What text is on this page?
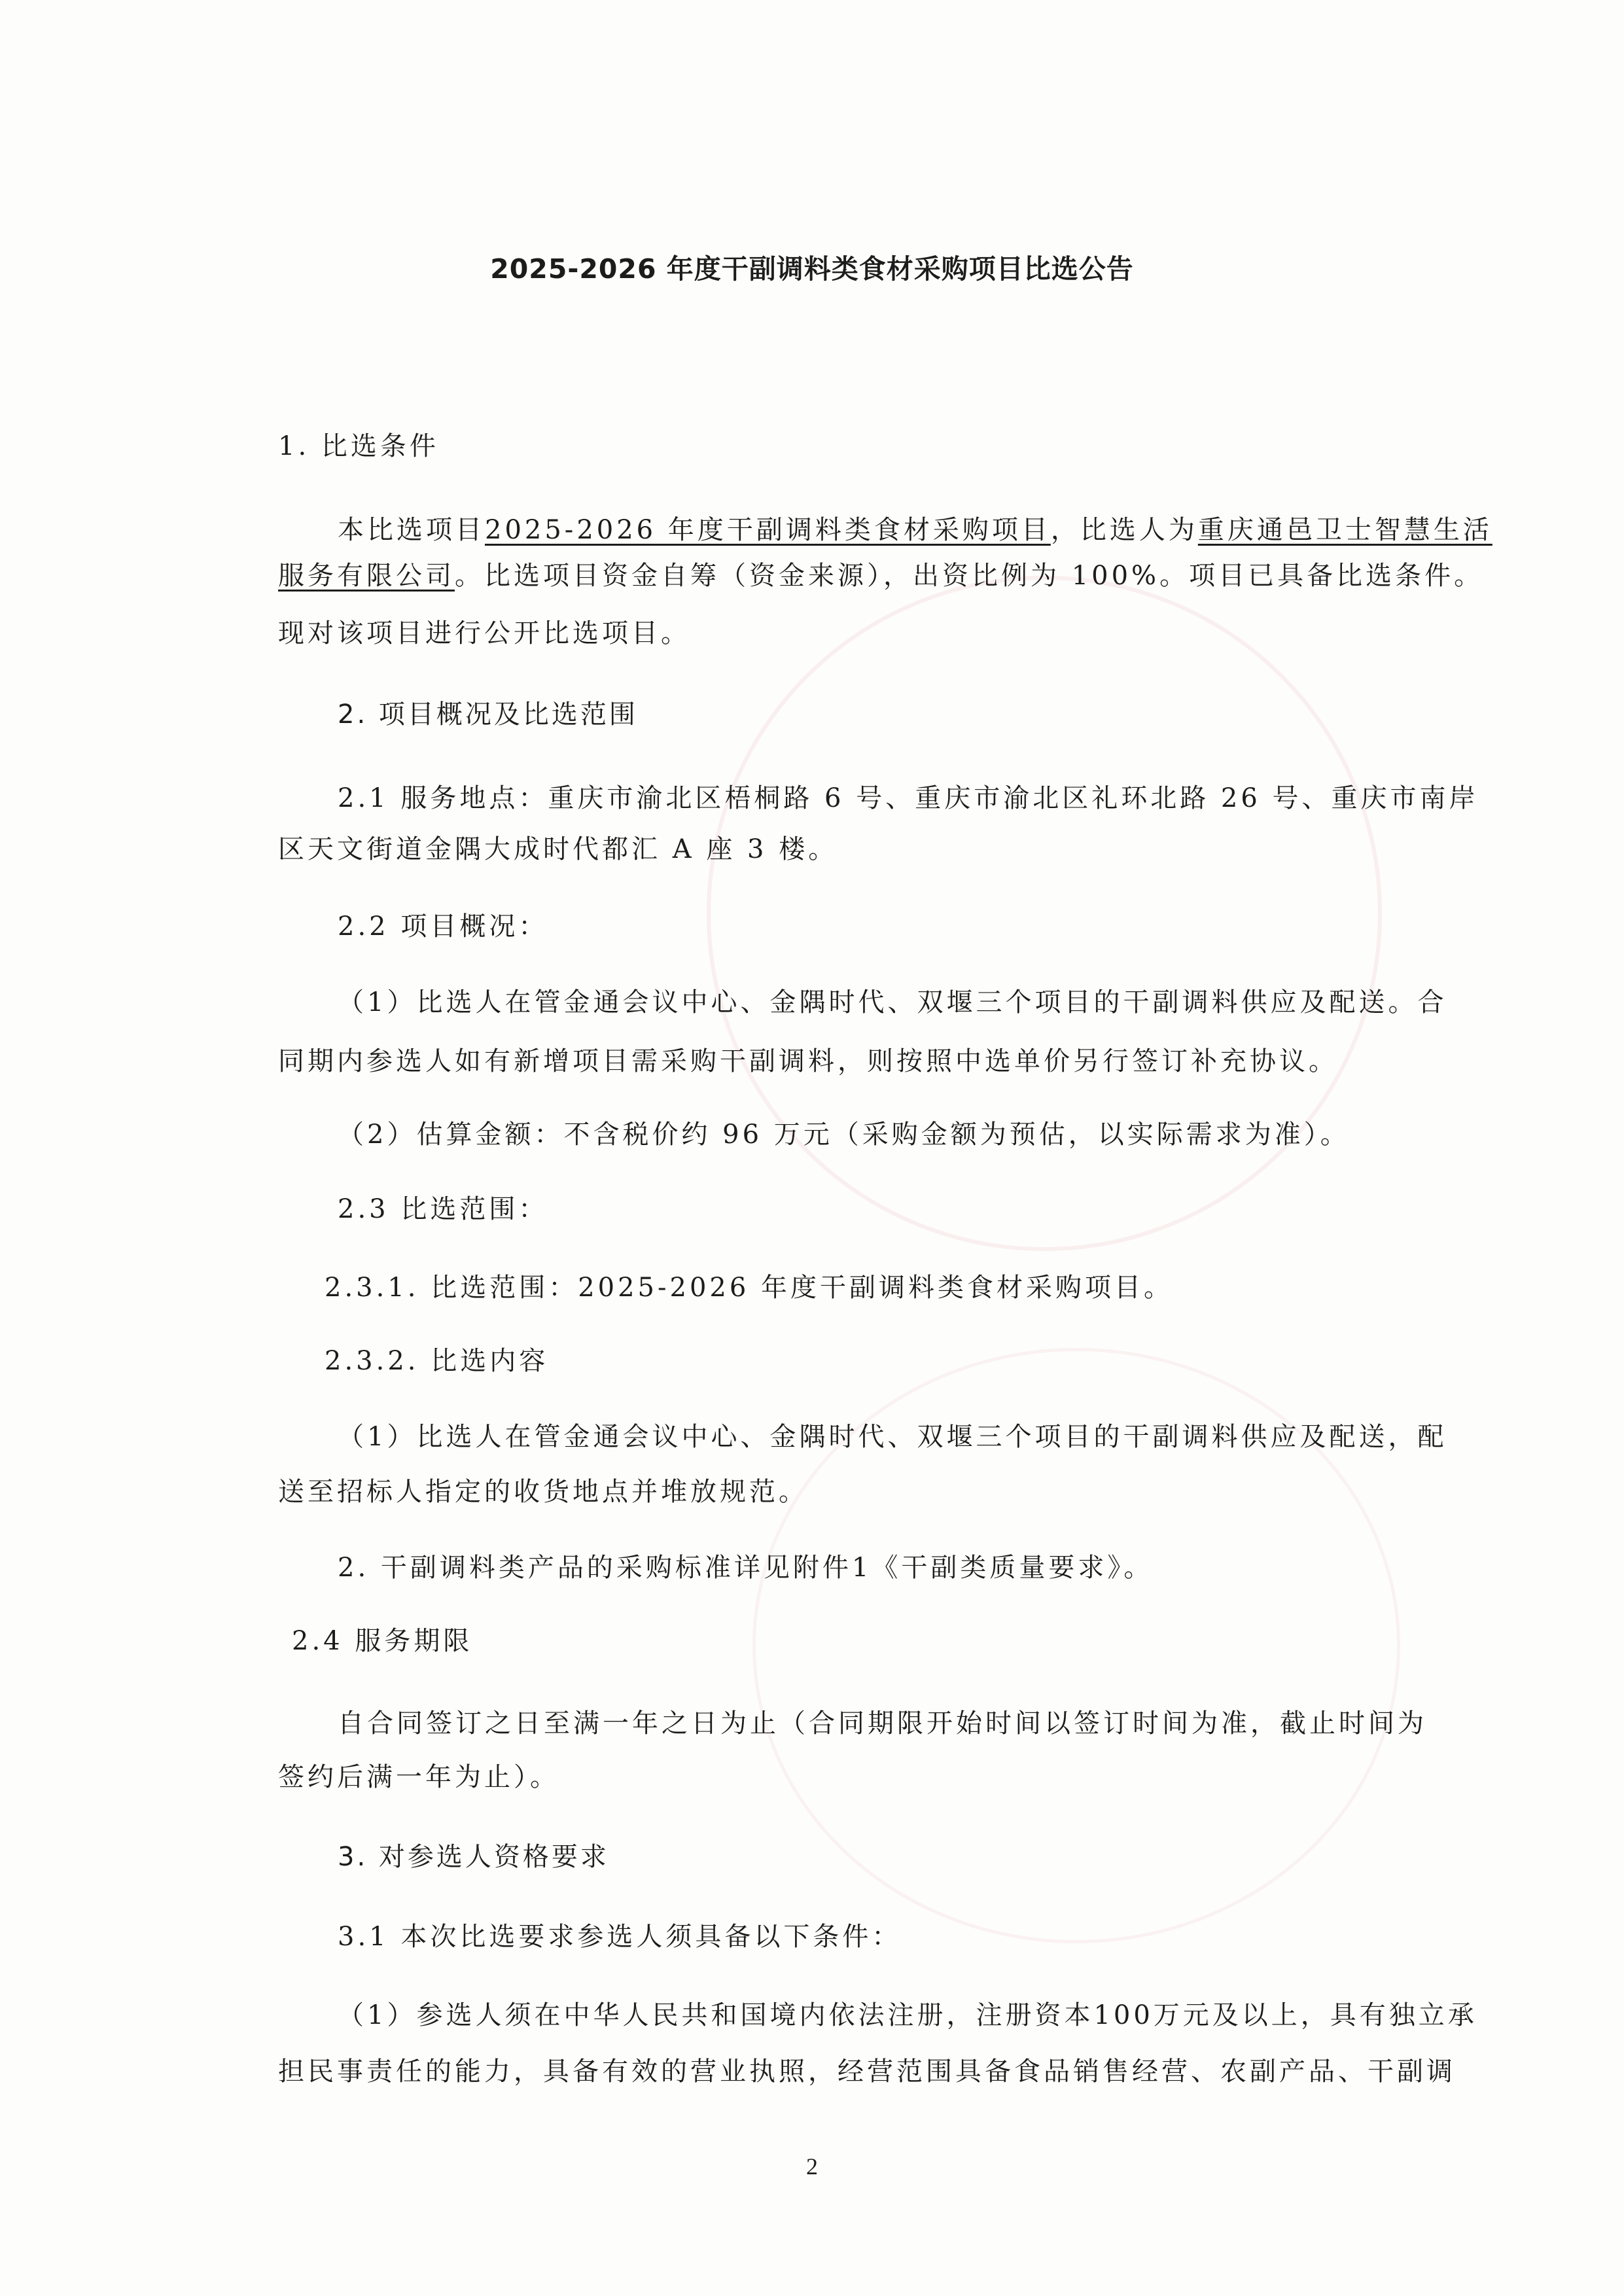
2025-2026 年度干副调料类食材采购项目比选公告
1. 比选条件
本比选项目2025-2026 年度干副调料类食材采购项目，比选人为重庆通邑卫士智慧生活
服务有限公司。比选项目资金自筹（资金来源），出资比例为 100%。项目已具备比选条件。
现对该项目进行公开比选项目。
2. 项目概况及比选范围
2.1 服务地点：重庆市渝北区梧桐路 6 号、重庆市渝北区礼环北路 26 号、重庆市南岸
区天文街道金隅大成时代都汇 A 座 3 楼。
2.2 项目概况：
（1）比选人在管金通会议中心、金隅时代、双堰三个项目的干副调料供应及配送。合
同期内参选人如有新增项目需采购干副调料，则按照中选单价另行签订补充协议。
（2）估算金额：不含税价约 96 万元（采购金额为预估，以实际需求为准）。
2.3 比选范围：
2.3.1. 比选范围：2025-2026 年度干副调料类食材采购项目。
2.3.2. 比选内容
（1）比选人在管金通会议中心、金隅时代、双堰三个项目的干副调料供应及配送，配
送至招标人指定的收货地点并堆放规范。
2. 干副调料类产品的采购标准详见附件1《干副类质量要求》。
2.4 服务期限
自合同签订之日至满一年之日为止（合同期限开始时间以签订时间为准，截止时间为
签约后满一年为止）。
3. 对参选人资格要求
3.1 本次比选要求参选人须具备以下条件：
（1）参选人须在中华人民共和国境内依法注册，注册资本100万元及以上，具有独立承
担民事责任的能力，具备有效的营业执照，经营范围具备食品销售经营、农副产品、干副调
2
